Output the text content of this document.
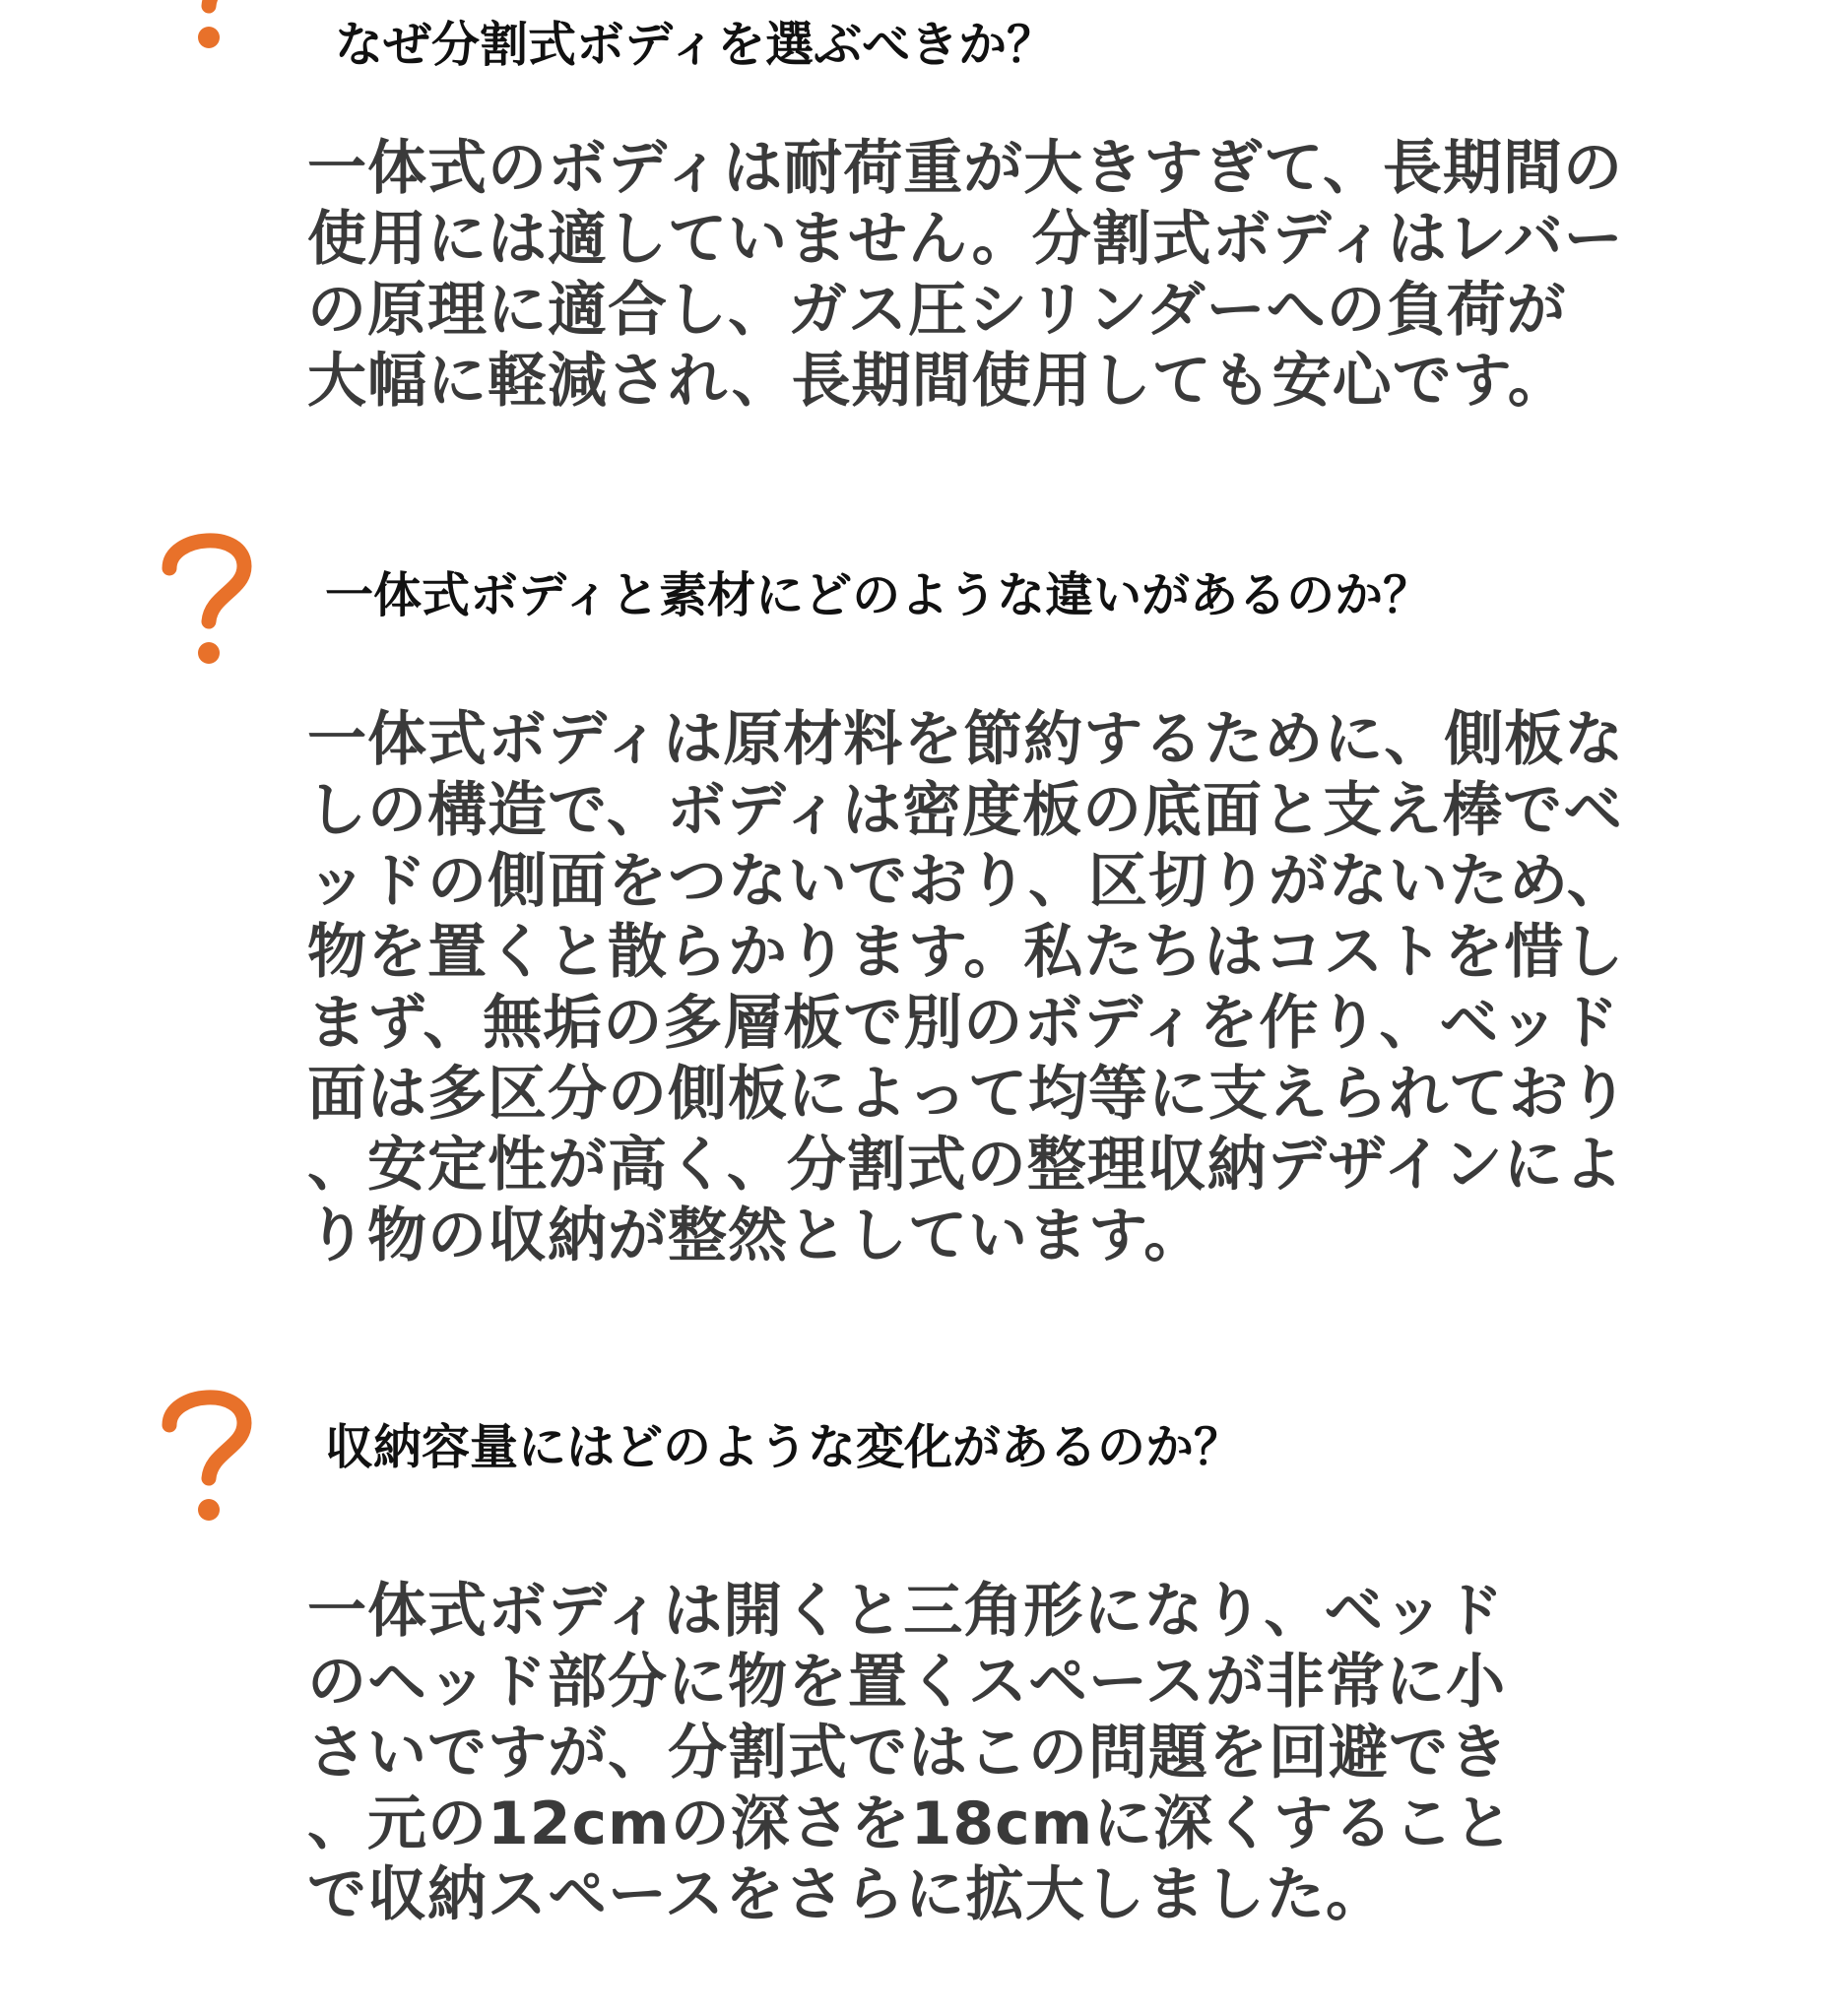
なぜ分割式ボディを選ぶべきか？

一体式のボディは耐荷重が大きすぎて、長期間の
使用には適していません。分割式ボディはレバー
の原理に適合し、ガス圧シリンダーへの負荷が
大幅に軽減され、長期間使用しても安心です。

一体式ボディと素材にどのような違いがあるのか？

一体式ボディは原材料を節約するために、側板な
しの構造で、ボディは密度板の底面と支え棒でベ
ッドの側面をつないでおり、区切りがないため、
物を置くと散らかります。私たちはコストを惜し
まず、無垢の多層板で別のボディを作り、ベッド
面は多区分の側板によって均等に支えられており
、安定性が高く、分割式の整理収納デザインによ
り物の収納が整然としています。

収納容量にはどのような変化があるのか？

一体式ボディは開くと三角形になり、ベッド
のヘッド部分に物を置くスペースが非常に小
さいですが、分割式ではこの問題を回避でき
、元の12cmの深さを18cmに深くすること
で収納スペースをさらに拡大しました。
